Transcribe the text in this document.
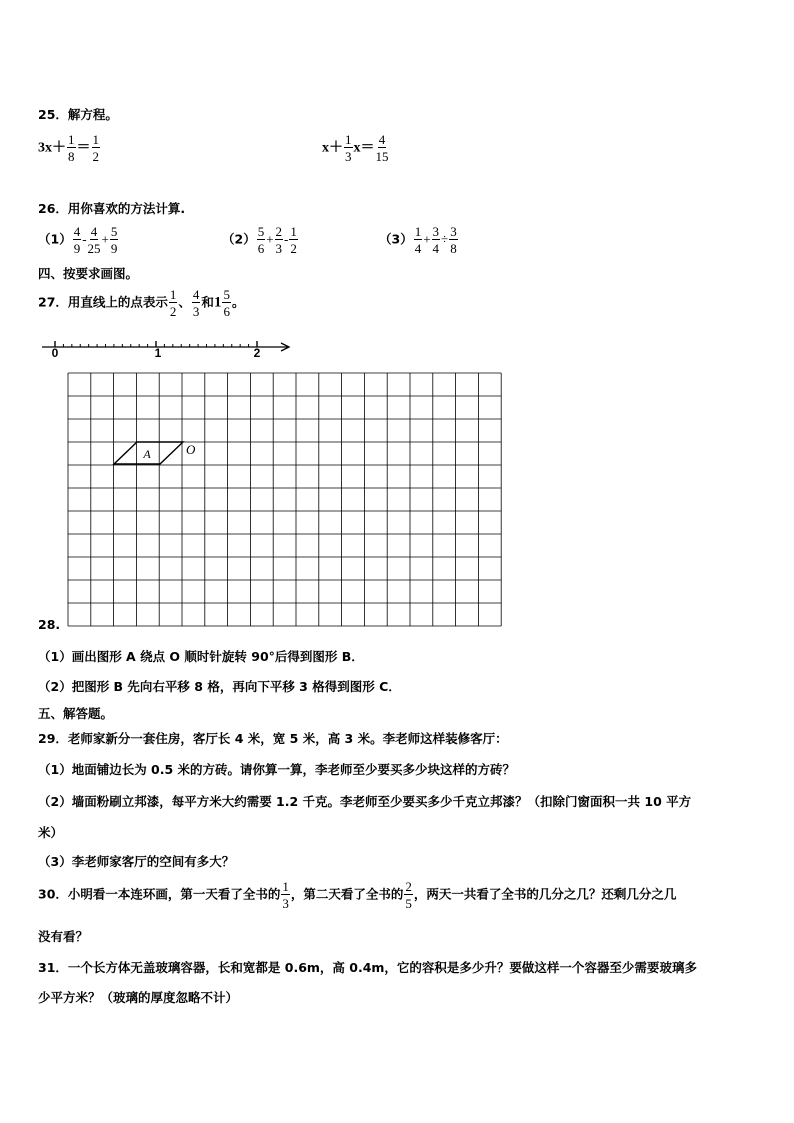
25．解方程。
$3x+ \frac{1}{8} = \frac{1}{2}$	$x+ \frac{1}{3} x= \frac{4}{15}$
26．用你喜欢的方法计算.
$(1) \frac{4}{9} - \frac{4}{25} + \frac{5}{9}$	$(2) \frac{5}{6} + \frac{2}{3} - \frac{1}{2}$	$(3) \frac{1}{4} + \frac{3}{4} \div \frac{3}{8}$
四、按要求画图。
27．用直线上的点表示 $\frac{1}{2}$ 、 $\frac{4}{3}$ 和$1 \frac{5}{6}$ 。
0	1	2
28.
A	O
（1）画出图形 A 绕点 O 顺时针旋转 90°后得到图形 B．
（2）把图形 B 先向右平移 8 格，再向下平移 3 格得到图形 C．
五、解答题。
29．老师家新分一套住房，客厅长 4 米，宽 5 米，高 3 米。李老师这样装修客厅：
（1）地面铺边长为 0.5 米的方砖。请你算一算，李老师至少要买多少块这样的方砖？
（2）墙面粉刷立邦漆，每平方米大约需要 1.2 千克。李老师至少要买多少千克立邦漆？（扣除门窗面积一共 10 平方
米）
（3）李老师家客厅的空间有多大？
30．小明看一本连环画，第一天看了全书的 $\frac{1}{3}$ ，第二天看了全书的 $\frac{2}{5}$ ，两天一共看了全书的几分之几？还剩几分之几
没有看？
31．一个长方体无盖玻璃容器，长和宽都是 0.6m，高 0.4m，它的容积是多少升？要做这样一个容器至少需要玻璃多
少平方米？（玻璃的厚度忽略不计）
